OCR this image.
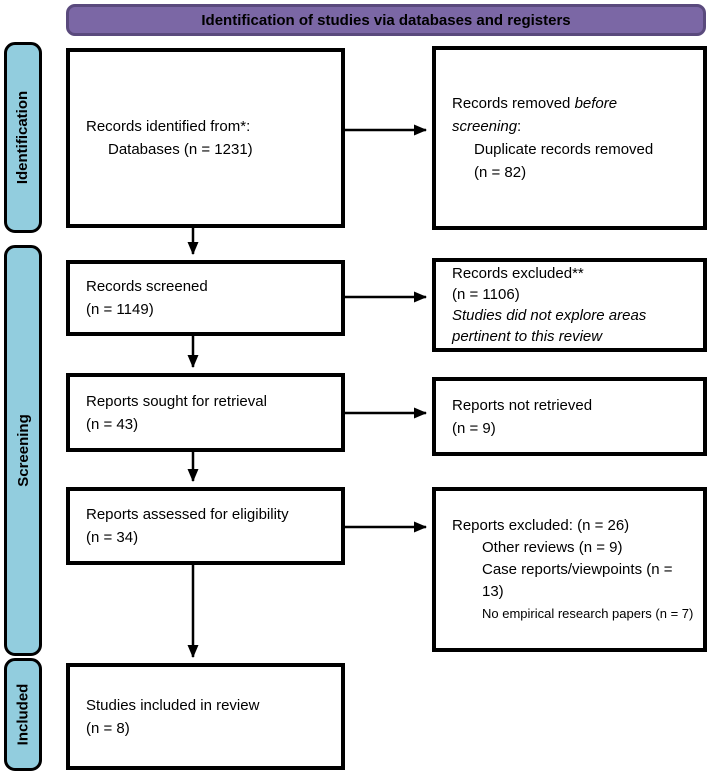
Identification of studies via databases and registers
Identification
Screening
Included
Records identified from*:
Databases (n = 1231)
Records screened
(n = 1149)
Reports sought for retrieval
(n = 43)
Reports assessed for eligibility
(n = 34)
Studies included in review
(n = 8)
Records removed before
screening:
Duplicate records removed
(n = 82)
Records excluded**
(n = 1106)
Studies did not explore areas
pertinent to this review
Reports not retrieved
(n = 9)
Reports excluded: (n = 26)
Other reviews (n = 9)
Case reports/viewpoints (n = 13)
No empirical research papers (n = 7)
